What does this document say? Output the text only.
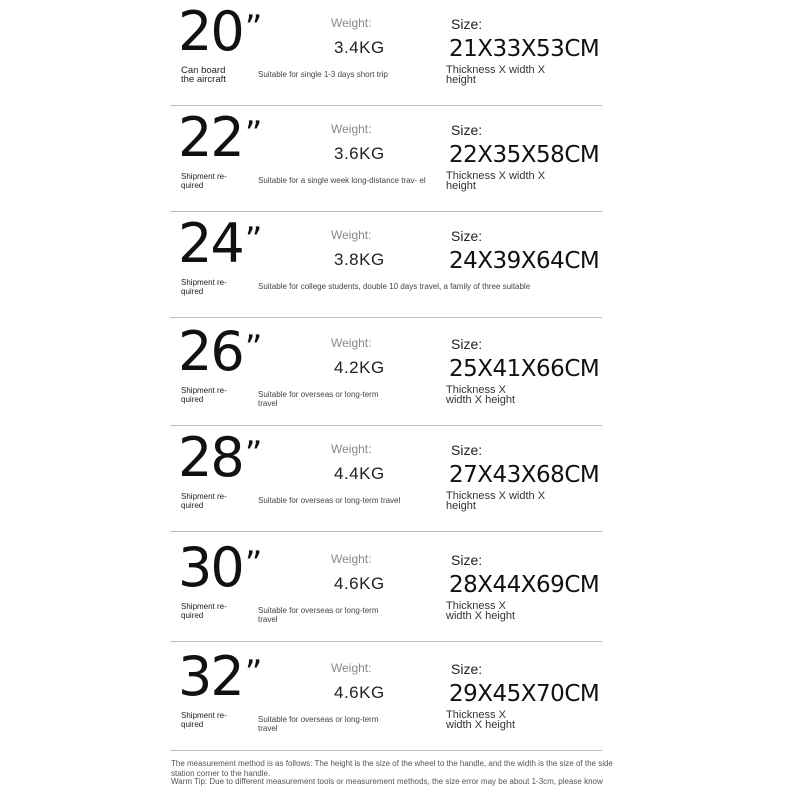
20”
Can board the aircraft	Suitable for single 1-3 days short trip
Weight:
3.4KG
Size:
21X33X53CM
Thickness X width X height
22”
Shipment re- quired
Suitable for a single week long-distance trav- el
Weight:
3.6KG
Size:
22X35X58CM
Thickness X width X height
24”
Shipment re- quired
Suitable for college students, double 10 days travel, a family of three suitable
Weight:
3.8KG
Size:
24X39X64CM
26”
Shipment re- quired
Suitable for overseas or long-term travel
Weight:
4.2KG
Size:
25X41X66CM
Thickness X width X height
28”
Shipment re- quired
Suitable for overseas or long-term travel
Weight:
4.4KG
Size:
27X43X68CM
Thickness X width X height
30”
Shipment re- quired
Suitable for overseas or long-term travel
Weight:
4.6KG
Size:
28X44X69CM
Thickness X width X height
32”
Shipment re- quired
Suitable for overseas or long-term travel
Weight:
4.6KG
Size:
29X45X70CM
Thickness X width X height
The measurement method is as follows: The height is the size of the wheel to the handle, and the width is the size of the side station corner to the handle.
Warm Tip: Due to different measurement tools or measurement methods, the size error may be about 1-3cm, please know
